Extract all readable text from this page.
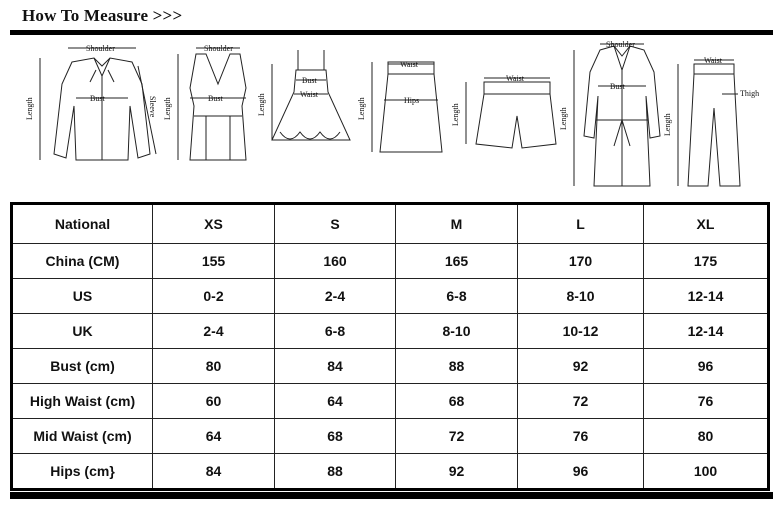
How To Measure >>>
Shoulder
Bust
Length	Sleeve
Shoulder
Bust
Length
Bust
Waist
Length
Waist
Hips
Length
Waist
Length
Shoulder
Bust
Length
Waist
Thigh
Length
National	XS	S	M	L	XL
China (CM)	155	160	165	170	175
US	0-2	2-4	6-8	8-10	12-14
UK	2-4	6-8	8-10	10-12	12-14
Bust (cm)	80	84	88	92	96
High Waist (cm)	60	64	68	72	76
Mid Waist (cm)	64	68	72	76	80
Hips (cm}	84	88	92	96	100
